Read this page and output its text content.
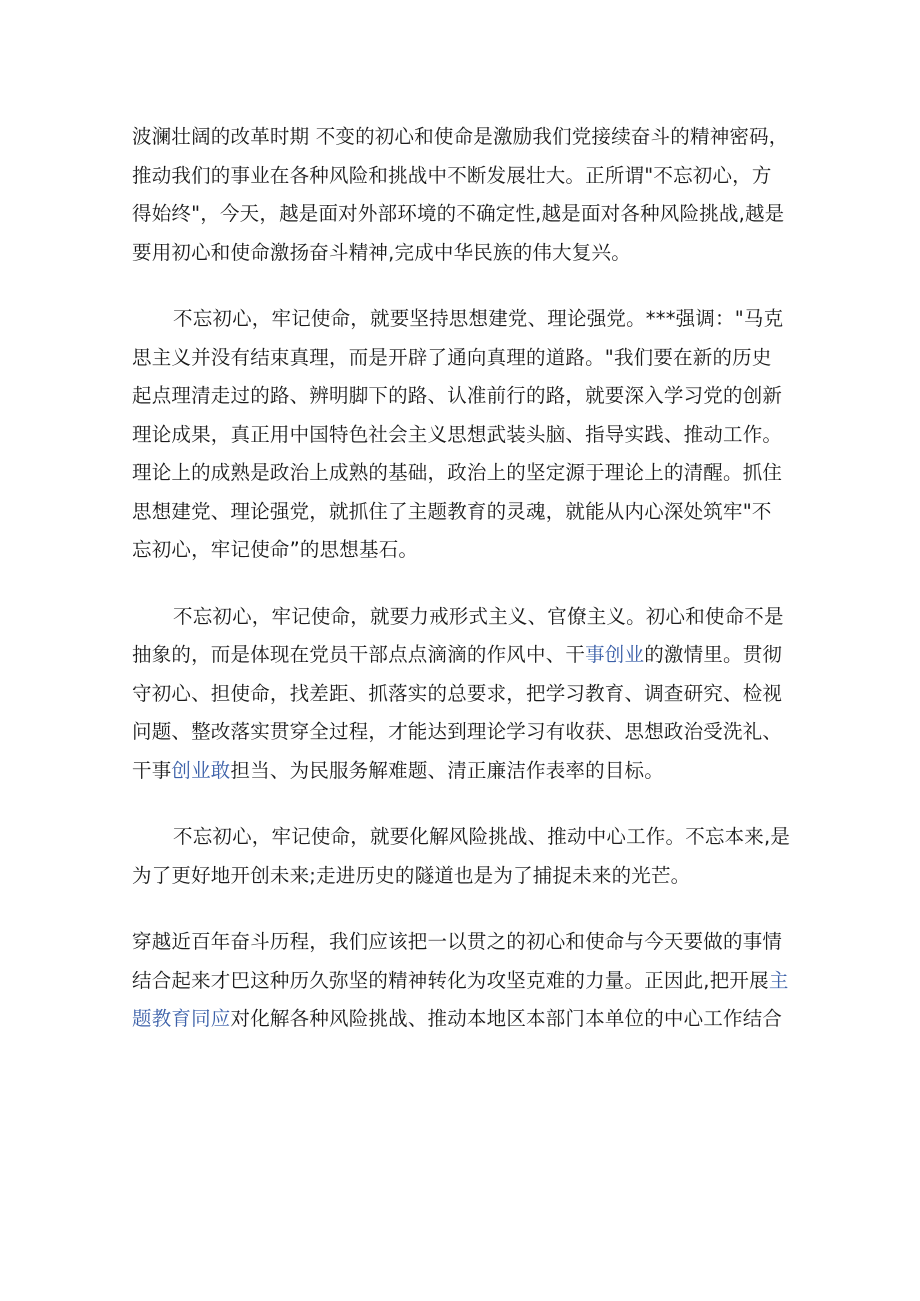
波澜壮阔的改革时期 不变的初心和使命是激励我们党接续奋斗的精神密码，
推动我们的事业在各种风险和挑战中不断发展壮大。正所谓"不忘初心，方
得始终"，今天，越是面对外部环境的不确定性,越是面对各种风险挑战,越是
要用初心和使命激扬奋斗精神,完成中华民族的伟大复兴。
不忘初心，牢记使命，就要坚持思想建党、理论强党。***强调："马克
思主义并没有结束真理，而是开辟了通向真理的道路。"我们要在新的历史
起点理清走过的路、辨明脚下的路、认准前行的路，就要深入学习党的创新
理论成果，真正用中国特色社会主义思想武装头脑、指导实践、推动工作。
理论上的成熟是政治上成熟的基础，政治上的坚定源于理论上的清醒。抓住
思想建党、理论强党，就抓住了主题教育的灵魂，就能从内心深处筑牢"不
忘初心，牢记使命”的思想基石。
不忘初心，牢记使命，就要力戒形式主义、官僚主义。初心和使命不是
抽象的，而是体现在党员干部点点滴滴的作风中、干事创业的激情里。贯彻
守初心、担使命，找差距、抓落实的总要求，把学习教育、调查研究、检视
问题、整改落实贯穿全过程，才能达到理论学习有收获、思想政治受洗礼、
干事创业敢担当、为民服务解难题、清正廉洁作表率的目标。
不忘初心，牢记使命，就要化解风险挑战、推动中心工作。不忘本来,是
为了更好地开创未来;走进历史的隧道也是为了捕捉未来的光芒。
穿越近百年奋斗历程，我们应该把一以贯之的初心和使命与今天要做的事情
结合起来才巴这种历久弥坚的精神转化为攻坚克难的力量。正因此,把开展主
题教育同应对化解各种风险挑战、推动本地区本部门本单位的中心工作结合
